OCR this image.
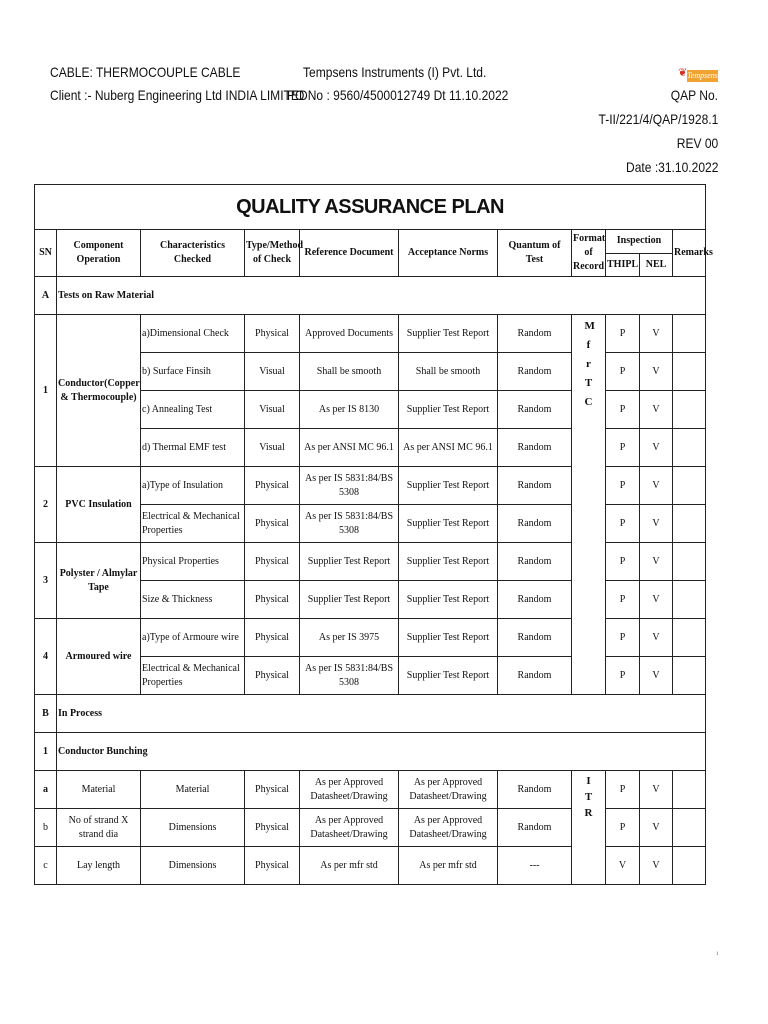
CABLE: THERMOCOUPLE CABLE	Tempsens Instruments (I) Pvt. Ltd.
Client :- Nuberg Engineering Ltd INDIA LIMITED
PO No : 9560/4500012749 Dt 11.10.2022
❦ Tempsens
QAP No.
T-II/221/4/QAP/1928.1
REV 00
Date :31.10.2022
QUALITY ASSURANCE PLAN										
SN	Component Operation	Characteristics Checked	Type/Method of Check	Reference Document	Acceptance Norms	Quantum of Test	Format of Record	Inspection		Remarks
								THIPL	NEL	
A	Tests on Raw Material									
1	Conductor(Copper & Thermocouple)	a)Dimensional Check	Physical	Approved Documents	Supplier Test Report	Random	M f r T C	P	V	
		b) Surface Finsih	Visual	Shall be smooth	Shall be smooth	Random		P	V	
		c) Annealing Test	Visual	As per IS 8130	Supplier Test Report	Random		P	V	
		d) Thermal EMF test	Visual	As per ANSI MC 96.1	As per ANSI MC 96.1	Random		P	V	
2	PVC Insulation	a)Type of Insulation	Physical	As per IS 5831:84/BS 5308	Supplier Test Report	Random		P	V	
		Electrical & Mechanical Properties	Physical	As per IS 5831:84/BS 5308	Supplier Test Report	Random		P	V	
3	Polyster / Almylar Tape	Physical Properties	Physical	Supplier Test Report	Supplier Test Report	Random		P	V	
		Size & Thickness	Physical	Supplier Test Report	Supplier Test Report	Random		P	V	
4	Armoured wire	a)Type of Armoure wire	Physical	As per IS 3975	Supplier Test Report	Random		P	V	
		Electrical & Mechanical Properties	Physical	As per IS 5831:84/BS 5308	Supplier Test Report	Random		P	V	
B	In Process									
1	Conductor Bunching									
a	Material	Material	Physical	As per Approved Datasheet/Drawing	As per Approved Datasheet/Drawing	Random	I T R	P	V	
b	No of strand X strand dia	Dimensions	Physical	As per Approved Datasheet/Drawing	As per Approved Datasheet/Drawing	Random		P	V	
c	Lay length	Dimensions	Physical	As per mfr std	As per mfr std	---		V	V	
1
